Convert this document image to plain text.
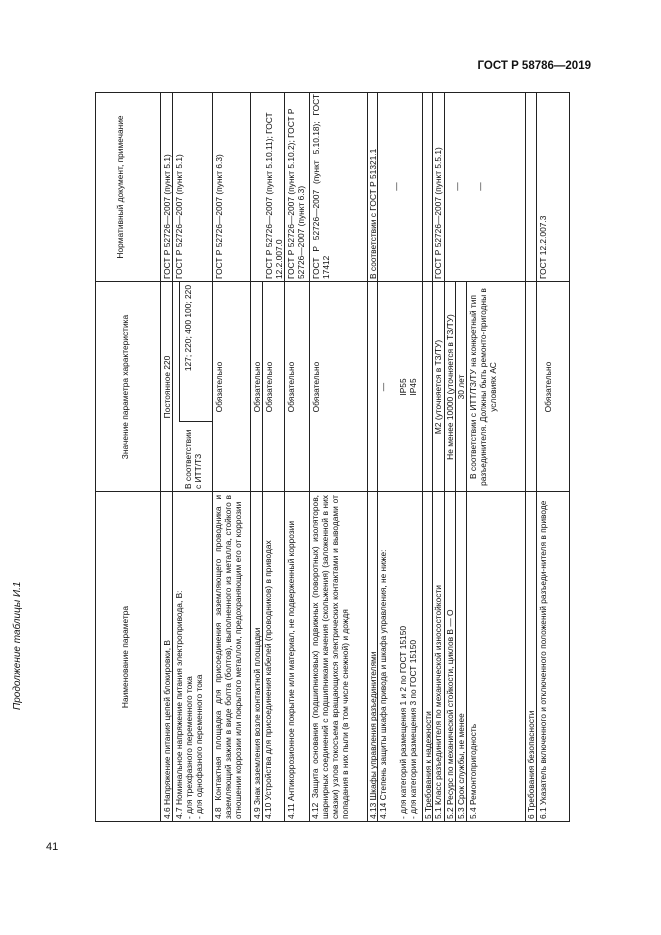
ГОСТ Р 58786—2019
Продолжение таблицы И.1
41
Наименование параметра
Значение параметра характеристика
Нормативный документ, примечание
4.6 Напряжение питания цепей блокировки, В
Постоянное 220
ГОСТ Р 52726—2007 (пункт 5.1)
4.7 Номинальное напряжение питания электропривода, В: - для трехфазного переменного тока - для однофазного переменного тока
В соответствии с ИТТ/ТЗ
127; 220; 400 100; 220
ГОСТ Р 52726—2007 (пункт 5.1)
4.8 Контактная площадка для присоединения заземляющего проводника и заземляющий зажим в виде болта (болтов), выполненного из металла, стойкого в отношении коррозии или покрытого металлом, предохраняющим его от коррозии
Обязательно
ГОСТ Р 52726—2007 (пункт 6.3)
4.9 Знак заземления возле контактной площадки
Обязательно
4.10 Устройства для присоединения кабелей (проводников) в приводах
Обязательно
ГОСТ Р 52726—2007 (пункт 5.10.11); ГОСТ 12.2.007.0
4.11 Антикоррозионное покрытие или материал, не подверженный коррозии
Обязательно
ГОСТ Р 52726—2007 (пункт 5.10.2); ГОСТ Р 52726—2007 (пункт 6.3)
4.12 Защита основания (подшипниковых) подвижных (поворотных) изоляторов, шарнирных соединений с подшипниками качения (скольжения) (заложенной в них смазки) узлов токосъема вращающихся электрических контактами и выводами от попадания в них пыли (в том числе снежной) и дождя
Обязательно
ГОСТ Р 52726—2007 (пункт 5.10.18); ГОСТ 17412
4.13 Шкафы управления разъединителями
В соответствии с ГОСТ Р 51321.1
4.14 Степень защиты шкафа привода и шкафа управления, не ниже: - для категорий размещения 1 и 2 по ГОСТ 15150 - для категории размещения 3 по ГОСТ 15150
IP55 IP45
—
—
5 Требования к надежности 5.1 Класс разъединителя по механической износостойкости
М2 (уточняется в ТЗ/ТУ)
ГОСТ Р 52726—2007 (пункт 5.5.1)
5.2 Ресурс по механической стойкости, циклов В — О
Не менее 10000 (уточняется в ТЗ/ТУ)
5.3 Срок службы, не менее
30 лет
—
5.4 Ремонтопригодность
В соответствии с ИТТ/ТЗ/ТУ на конкретный тип разъединителя. Должны быть ремонто-пригодны в условиях АС
—
6 Требования безопасности 6.1 Указатель включенного и отключенного положений разъеди-нителя в приводе
Обязательно
ГОСТ 12.2.007.3
